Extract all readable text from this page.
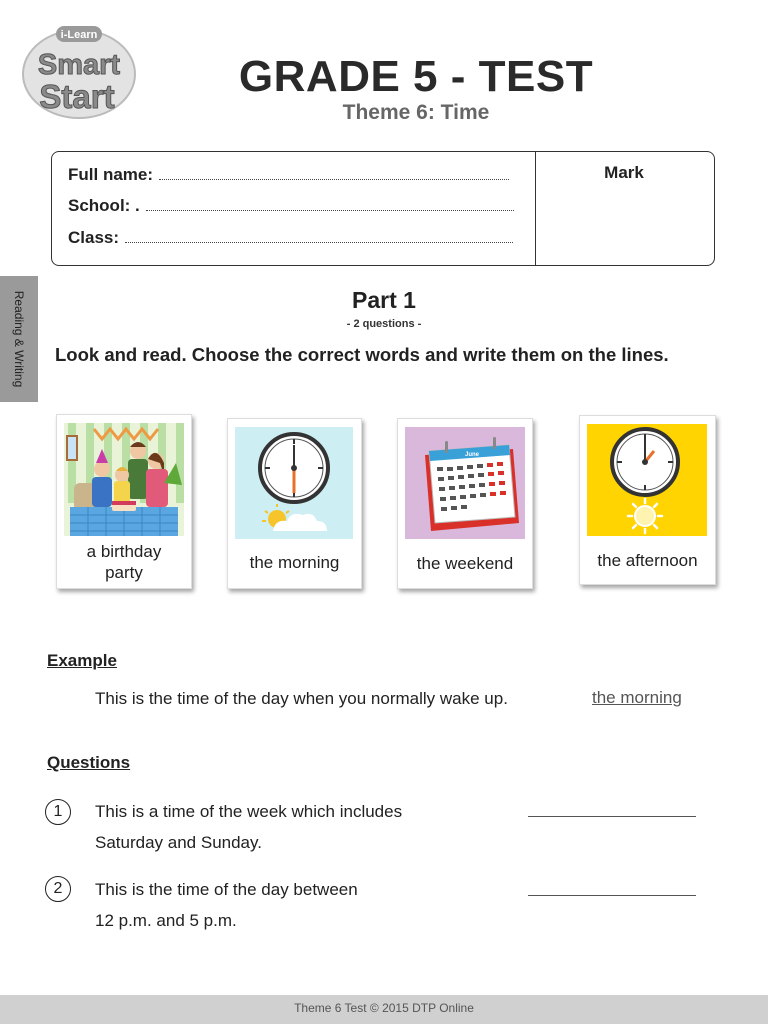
i-Learn
Smart
Start	GRADE 5 - TEST
Theme 6: Time
Full name:
School: .
Class:
Mark
Reading & Writing	Part 1
- 2 questions -
Look and read. Choose the correct words and write them on the lines.
a birthday
party
the morning
June
the weekend	the afternoon
Example
This is the time of the day when you normally wake up.	the morning
Questions
1	This is a time of the week which includes
Saturday and Sunday.
2	This is the time of the day between
12 p.m. and 5 p.m.
Theme 6 Test © 2015 DTP Online
